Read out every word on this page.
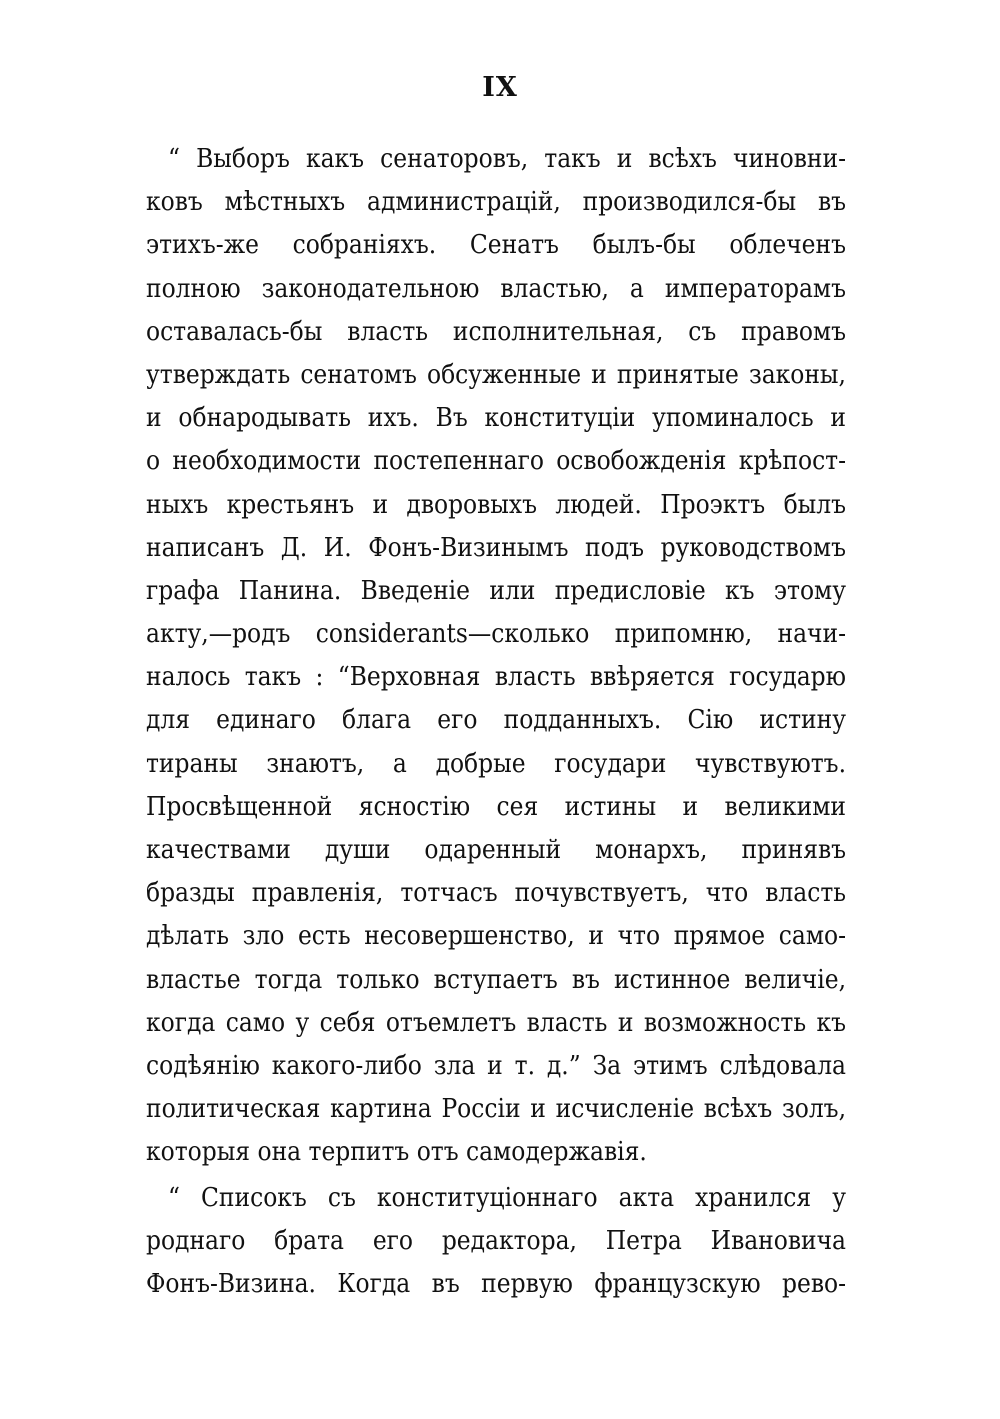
IX
“ Выборъ какъ сенаторовъ, такъ и всѣхъ чиновни-
ковъ мѣстныхъ администрацій, производился-бы въ
этихъ-же собраніяхъ. Сенатъ былъ-бы облеченъ
полною законодательною властью, а императорамъ
оставалась-бы власть исполнительная, съ правомъ
утверждать сенатомъ обсуженные и принятые законы,
и обнародывать ихъ. Въ конституціи упоминалось и
о необходимости постепеннаго освобожденія крѣпост-
ныхъ крестьянъ и дворовыхъ людей. Проэктъ былъ
написанъ Д. И. Фонъ-Визинымъ подъ руководствомъ
графа Панина. Введеніе или предисловіе къ этому
акту,—родъ considerants—сколько припомню, начи-
налось такъ : “Верховная власть ввѣряется государю
для единаго блага его подданныхъ. Сію истину
тираны знаютъ, а добрые государи чувствуютъ.
Просвѣщенной ясностію сея истины и великими
качествами души одаренный монархъ, принявъ
бразды правленія, тотчасъ почувствуетъ, что власть
дѣлать зло есть несовершенство, и что прямое само-
властье тогда только вступаетъ въ истинное величіе,
когда само у себя отъемлетъ власть и возможность къ
содѣянію какого-либо зла и т. д.” За этимъ слѣдовала
политическая картина Россіи и исчисленіе всѣхъ золъ,
которыя она терпитъ отъ самодержавія.
“ Списокъ съ конституціоннаго акта хранился у
роднаго брата его редактора, Петра Ивановича
Фонъ-Визина. Когда въ первую французскую рево-
